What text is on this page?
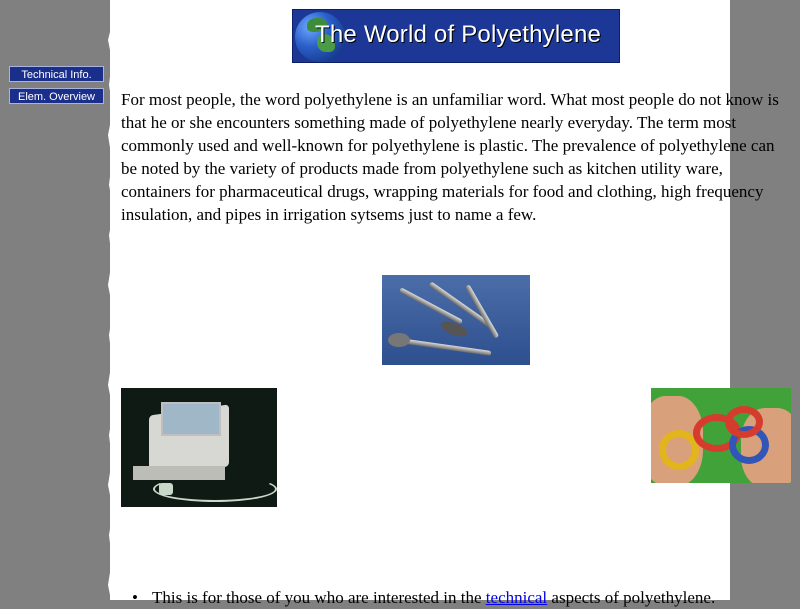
Technical Info.
Elem. Overview
The World of Polyethylene

For most people, the word polyethylene is an unfamiliar word. What most people do not know is that he or she encounters something made of polyethylene nearly everyday. The term most commonly used and well-known for polyethylene is plastic. The prevalence of polyethylene can be noted by the variety of products made from polyethylene such as kitchen utility ware, containers for pharmaceutical drugs, wrapping materials for food and clothing, high frequency insulation, and pipes in irrigation sytsems just to name a few.

• This is for those of you who are interested in the technical aspects of polyethylene.
